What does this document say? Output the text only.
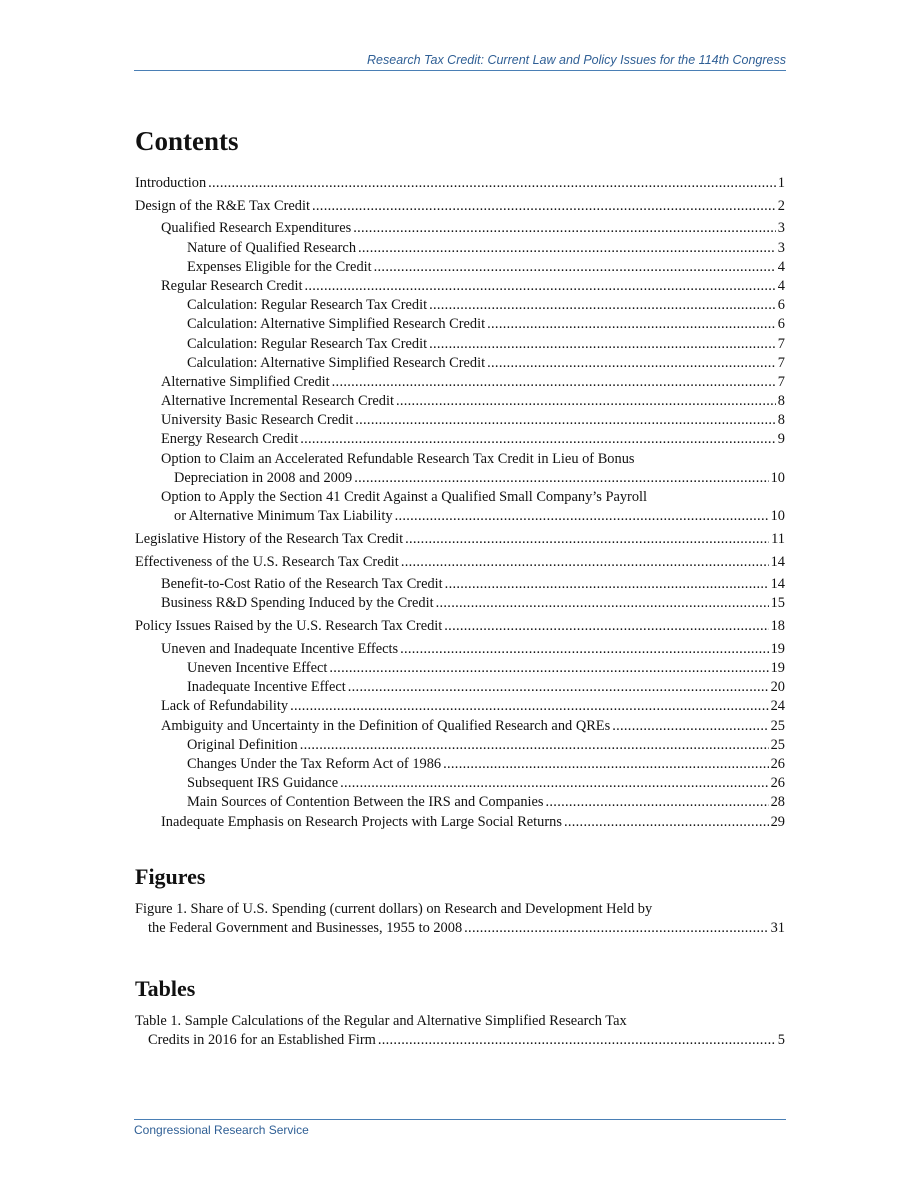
Research Tax Credit: Current Law and Policy Issues for the 114th Congress
Contents
Introduction .....	1
Design of the R&E Tax Credit .....	2
Qualified Research Expenditures .....	3
Nature of Qualified Research .....	3
Expenses Eligible for the Credit .....	4
Regular Research Credit .....	4
Calculation: Regular Research Tax Credit .....	6
Calculation: Alternative Simplified Research Credit .....	6
Calculation: Regular Research Tax Credit .....	7
Calculation: Alternative Simplified Research Credit .....	7
Alternative Simplified Credit .....	7
Alternative Incremental Research Credit .....	8
University Basic Research Credit .....	8
Energy Research Credit .....	9
Option to Claim an Accelerated Refundable Research Tax Credit in Lieu of Bonus
Depreciation in 2008 and 2009 .....	10
Option to Apply the Section 41 Credit Against a Qualified Small Company’s Payroll
or Alternative Minimum Tax Liability .....	10
Legislative History of the Research Tax Credit .....	11
Effectiveness of the U.S. Research Tax Credit .....	14
Benefit-to-Cost Ratio of the Research Tax Credit .....	14
Business R&D Spending Induced by the Credit .....	15
Policy Issues Raised by the U.S. Research Tax Credit .....	18
Uneven and Inadequate Incentive Effects .....	19
Uneven Incentive Effect .....	19
Inadequate Incentive Effect .....	20
Lack of Refundability .....	24
Ambiguity and Uncertainty in the Definition of Qualified Research and QREs .....	25
Original Definition .....	25
Changes Under the Tax Reform Act of 1986 .....	26
Subsequent IRS Guidance .....	26
Main Sources of Contention Between the IRS and Companies .....	28
Inadequate Emphasis on Research Projects with Large Social Returns .....	29
Figures
Figure 1. Share of U.S. Spending (current dollars) on Research and Development Held by
the Federal Government and Businesses, 1955 to 2008 .....	31
Tables
Table 1. Sample Calculations of the Regular and Alternative Simplified Research Tax
Credits in 2016 for an Established Firm .....	5
Congressional Research Service
